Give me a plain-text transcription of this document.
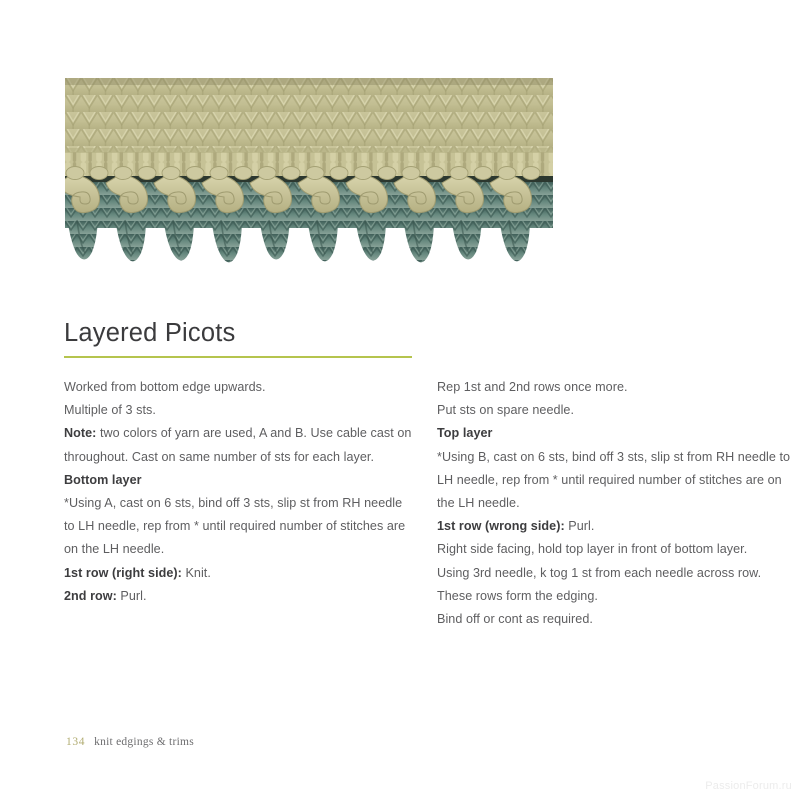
Layered Picots

Worked from bottom edge upwards.

Multiple of 3 sts.

Note: two colors of yarn are used, A and B. Use cable cast on throughout. Cast on same number of sts for each layer.

Bottom layer

*Using A, cast on 6 sts, bind off 3 sts, slip st from RH needle to LH needle, rep from * until required number of stitches are on the LH needle.

1st row (right side): Knit.

2nd row: Purl.

Rep 1st and 2nd rows once more.

Put sts on spare needle.

Top layer

*Using B, cast on 6 sts, bind off 3 sts, slip st from RH needle to LH needle, rep from * until required number of stitches are on the LH needle.

1st row (wrong side): Purl.

Right side facing, hold top layer in front of bottom layer.

Using 3rd needle, k tog 1 st from each needle across row.

These rows form the edging.

Bind off or cont as required.

134 knit edgings & trims
PassionForum.ru
